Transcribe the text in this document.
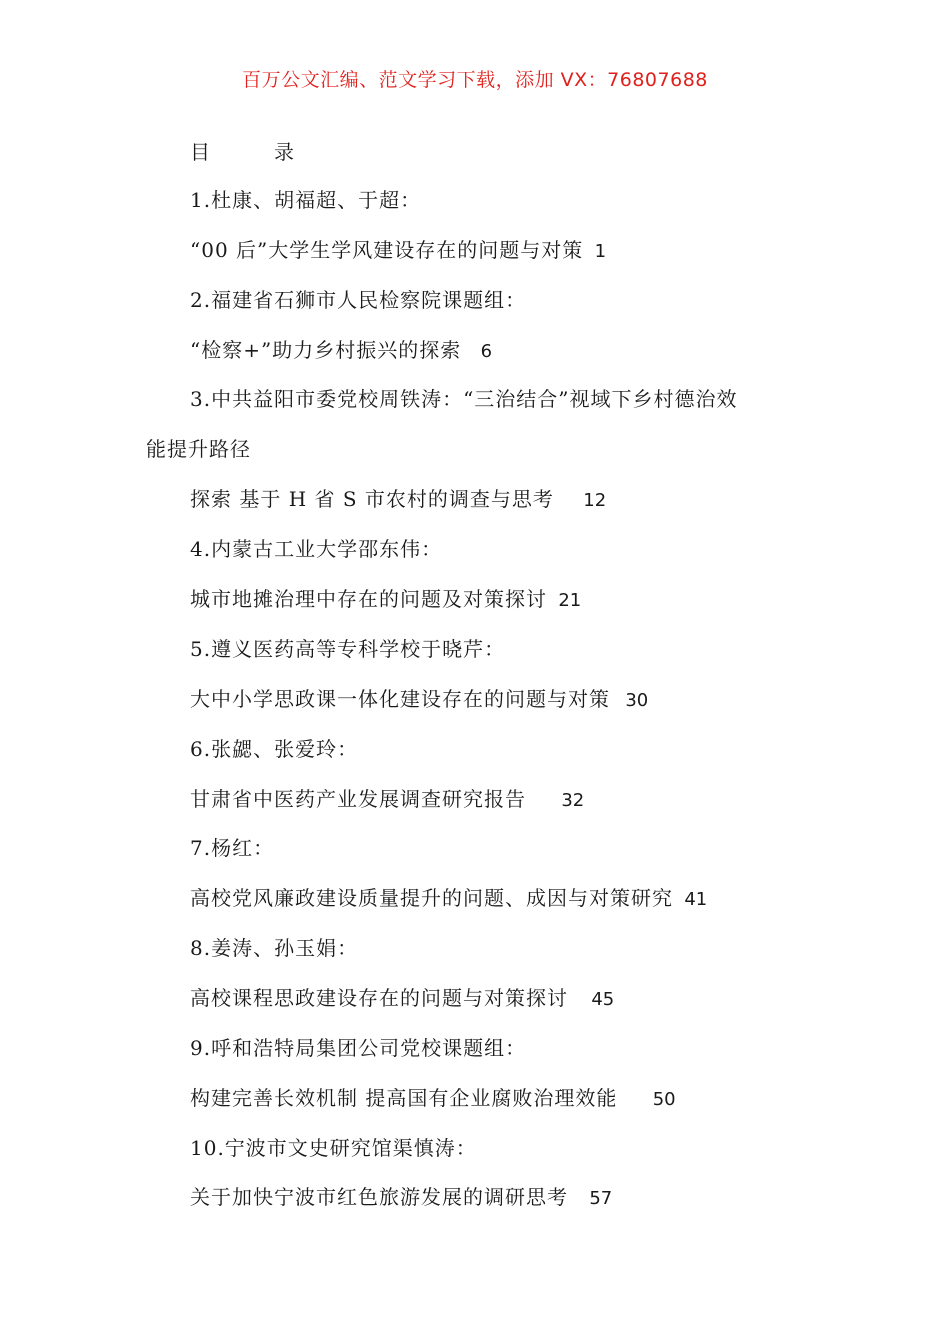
百万公文汇编、范文学习下载，添加 VX：76807688
目　录
1.杜康、胡福超、于超：
“00 后”大学生学风建设存在的问题与对策 1
2.福建省石狮市人民检察院课题组：
“检察+”助力乡村振兴的探索 6
3.中共益阳市委党校周铁涛：“三治结合”视域下乡村德治效
能提升路径
探索 基于 H 省 S 市农村的调查与思考 12
4.内蒙古工业大学邵东伟：
城市地摊治理中存在的问题及对策探讨 21
5.遵义医药高等专科学校于晓芹：
大中小学思政课一体化建设存在的问题与对策 30
6.张勰、张爱玲：
甘肃省中医药产业发展调查研究报告 32
7.杨红：
高校党风廉政建设质量提升的问题、成因与对策研究 41
8.姜涛、孙玉娟：
高校课程思政建设存在的问题与对策探讨 45
9.呼和浩特局集团公司党校课题组：
构建完善长效机制 提高国有企业腐败治理效能 50
10.宁波市文史研究馆渠慎涛：
关于加快宁波市红色旅游发展的调研思考 57
